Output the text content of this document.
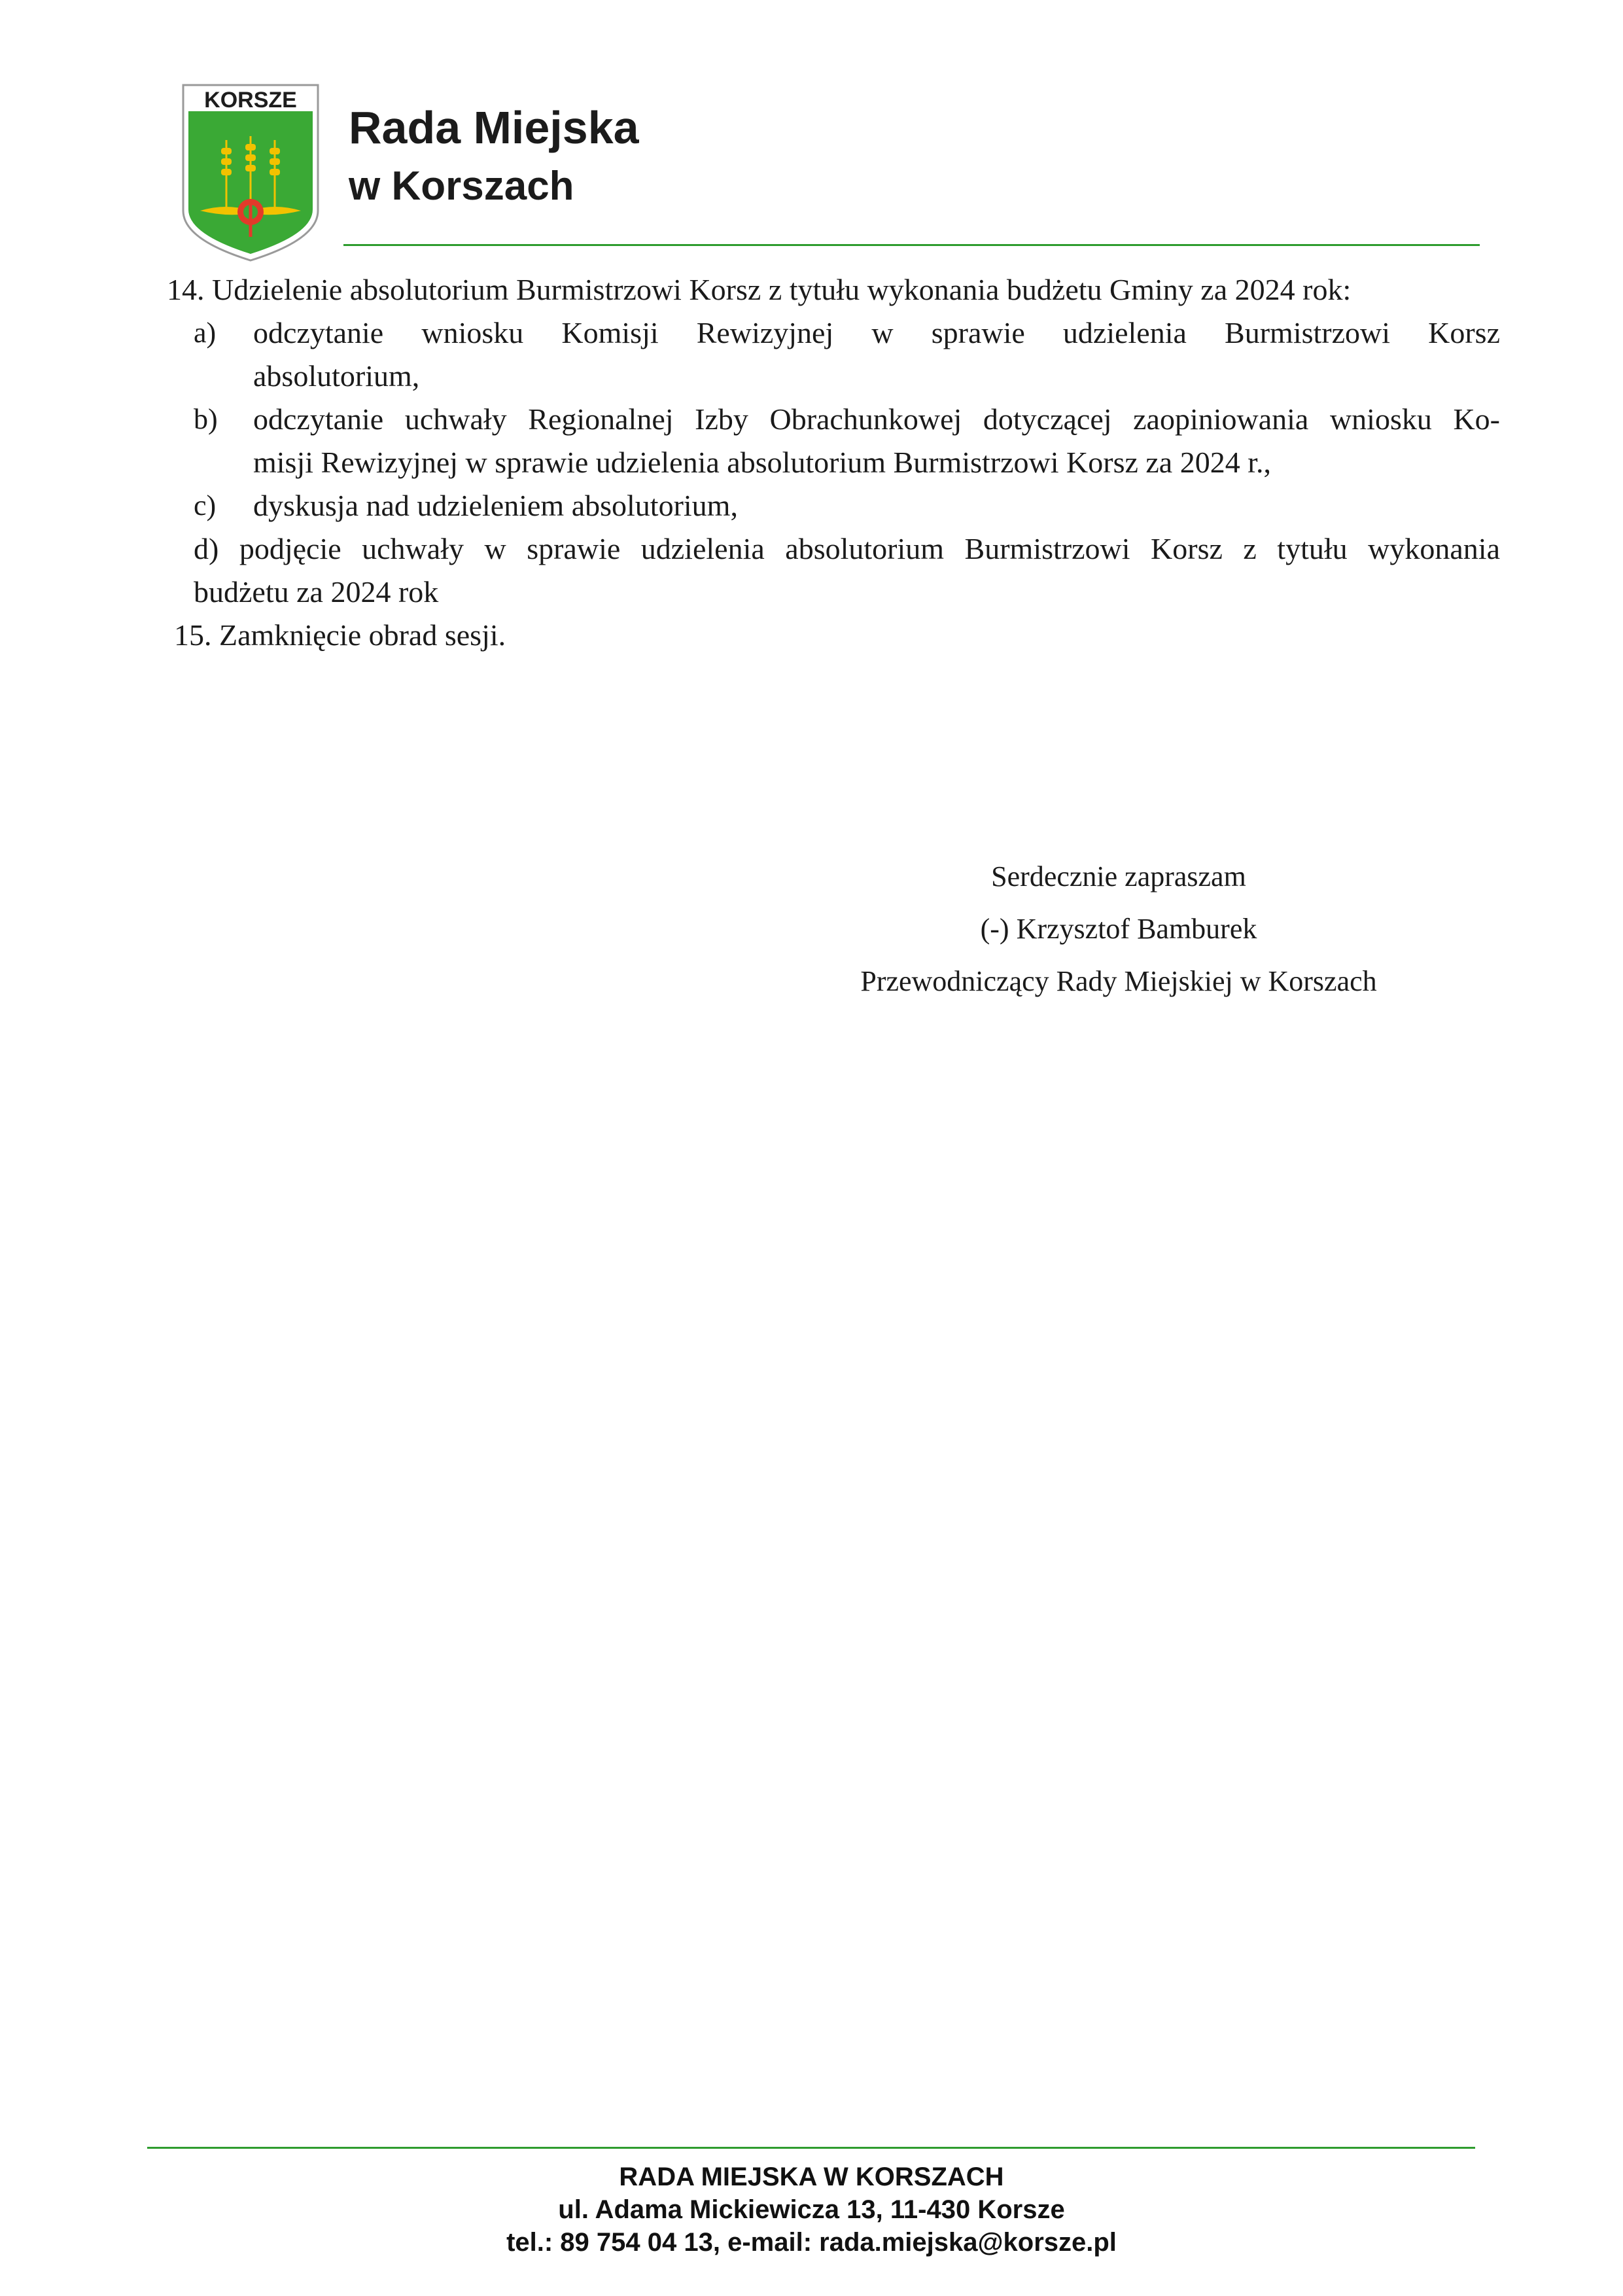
KORSZE
Rada Miejska
w Korszach
14. Udzielenie absolutorium Burmistrzowi Korsz z tytułu wykonania budżetu Gminy za 2024 rok:
a) odczytanie wniosku Komisji Rewizyjnej w sprawie udzielenia Burmistrzowi Korsz
absolutorium,
b) odczytanie uchwały Regionalnej Izby Obrachunkowej dotyczącej zaopiniowania wniosku Ko-
misji Rewizyjnej w sprawie udzielenia absolutorium Burmistrzowi Korsz za 2024 r.,
c) dyskusja nad udzieleniem absolutorium,
d) podjęcie uchwały w sprawie udzielenia absolutorium Burmistrzowi Korsz z tytułu wykonania
budżetu za 2024 rok
15. Zamknięcie obrad sesji.
Serdecznie zapraszam
(-) Krzysztof Bamburek
Przewodniczący Rady Miejskiej w Korszach
RADA MIEJSKA W KORSZACH
ul. Adama Mickiewicza 13, 11-430 Korsze
tel.: 89 754 04 13, e-mail: rada.miejska@korsze.pl
